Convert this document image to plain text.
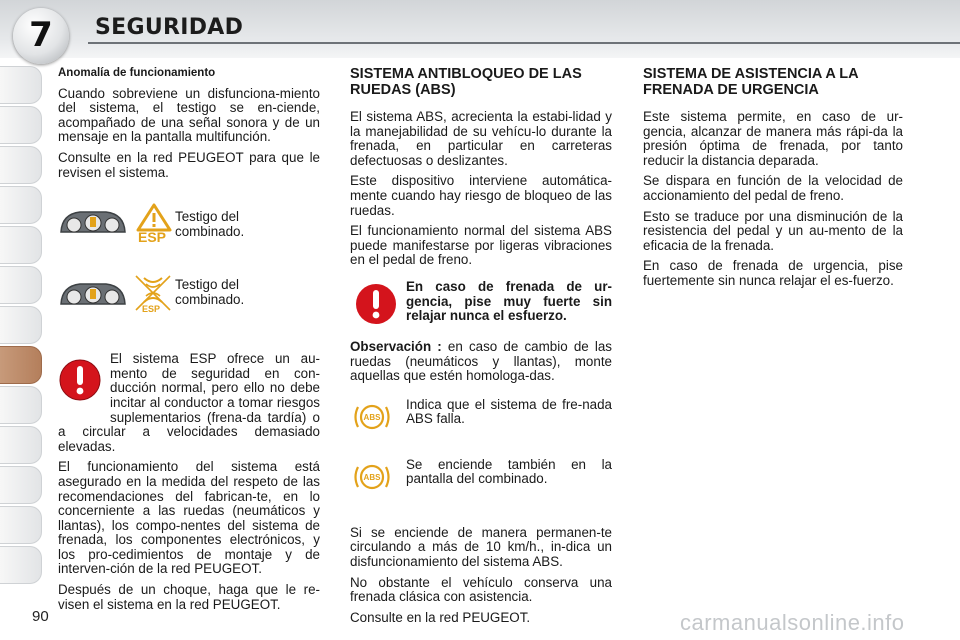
7	SEGURIDAD
Anomalía de funcionamiento

Cuando sobreviene un disfunciona-miento del sistema, el testigo se en-ciende, acompañado de una señal sonora y de un mensaje en la pantalla multifunción.

Consulte en la red PEUGEOT para que le revisen el sistema.

ESP
Testigo del combinado.
ESP
Testigo del combinado.

El sistema ESP ofrece un au-mento de seguridad en con-ducción normal, pero ello no debe incitar al conductor a tomar riesgos suplementarios (frena-da tardía) o a circular a velocidades demasiado elevadas.

El funcionamiento del sistema está asegurado en la medida del respeto de las recomendaciones del fabrican-te, en lo concerniente a las ruedas (neumáticos y llantas), los compo-nentes del sistema de frenada, los componentes electrónicos, y los pro-cedimientos de montaje y de interven-ción de la red PEUGEOT.

Después de un choque, haga que le re-visen el sistema en la red PEUGEOT.

SISTEMA ANTIBLOQUEO DE LAS RUEDAS (ABS)

El sistema ABS, acrecienta la estabi-lidad y la manejabilidad de su vehícu-lo durante la frenada, en particular en carreteras defectuosas o deslizantes.

Este dispositivo interviene automática-mente cuando hay riesgo de bloqueo de las ruedas.

El funcionamiento normal del sistema ABS puede manifestarse por ligeras vibraciones en el pedal de freno.

En caso de frenada de ur-gencia, pise muy fuerte sin relajar nunca el esfuerzo.

Observación : en caso de cambio de las ruedas (neumáticos y llantas), monte aquellas que estén homologa-das.

ABS
Indica que el sistema de fre-nada ABS falla.
ABS
Se enciende también en la pantalla del combinado.

Si se enciende de manera permanen-te circulando a más de 10 km/h., in-dica un disfuncionamiento del sistema ABS.

No obstante el vehículo conserva una frenada clásica con asistencia.

Consulte en la red PEUGEOT.

SISTEMA DE ASISTENCIA A LA FRENADA DE URGENCIA

Este sistema permite, en caso de ur-gencia, alcanzar de manera más rápi-da la presión óptima de frenada, por tanto reducir la distancia deparada.

Se dispara en función de la velocidad de accionamiento del pedal de freno.

Esto se traduce por una disminución de la resistencia del pedal y un au-mento de la eficacia de la frenada.

En caso de frenada de urgencia, pise fuertemente sin nunca relajar el es-fuerzo.

90	carmanualsonline.info
